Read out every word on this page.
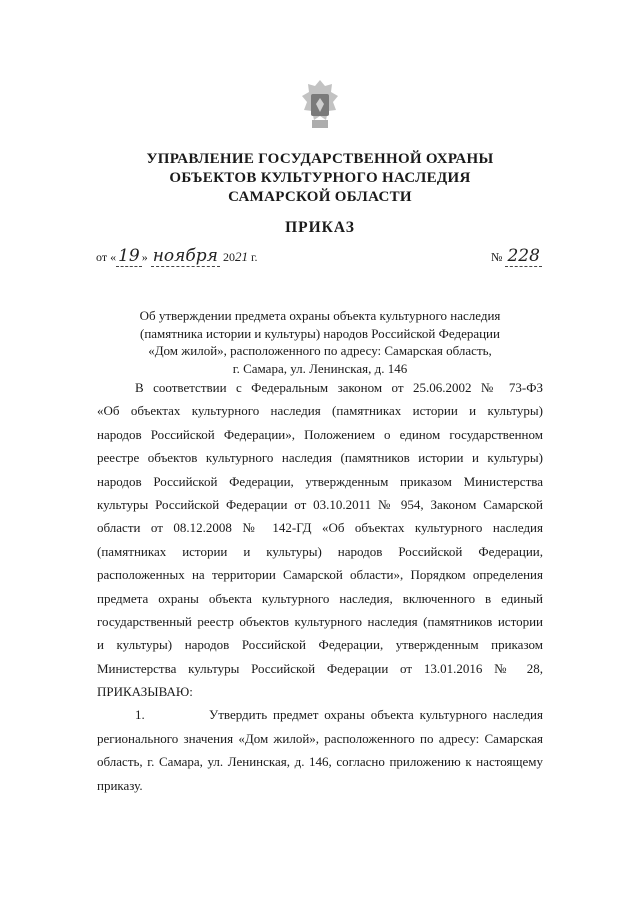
УПРАВЛЕНИЕ ГОСУДАРСТВЕННОЙ ОХРАНЫ
ОБЪЕКТОВ КУЛЬТУРНОГО НАСЛЕДИЯ
САМАРСКОЙ ОБЛАСТИ
ПРИКАЗ
от « 19 » ноября 2021 г.	№ 228
Об утверждении предмета охраны объекта культурного наследия
(памятника истории и культуры) народов Российской Федерации
«Дом жилой», расположенного по адресу: Самарская область,
г. Самара, ул. Ленинская, д. 146
В соответствии с Федеральным законом от 25.06.2002 № 73-ФЗ
«Об объектах культурного наследия (памятниках истории и культуры)
народов Российской Федерации», Положением о едином государственном
реестре объектов культурного наследия (памятников истории и культуры)
народов Российской Федерации, утвержденным приказом Министерства
культуры Российской Федерации от 03.10.2011 № 954, Законом Самарской
области от 08.12.2008 № 142-ГД «Об объектах культурного наследия
(памятниках истории и культуры) народов Российской Федерации,
расположенных на территории Самарской области», Порядком определения
предмета охраны объекта культурного наследия, включенного в единый
государственный реестр объектов культурного наследия (памятников истории
и культуры) народов Российской Федерации, утвержденным приказом
Министерства культуры Российской Федерации от 13.01.2016 № 28,
ПРИКАЗЫВАЮ:
1.	Утвердить предмет охраны объекта культурного наследия
регионального значения «Дом жилой», расположенного по адресу: Самарская
область, г. Самара, ул. Ленинская, д. 146, согласно приложению к настоящему
приказу.
